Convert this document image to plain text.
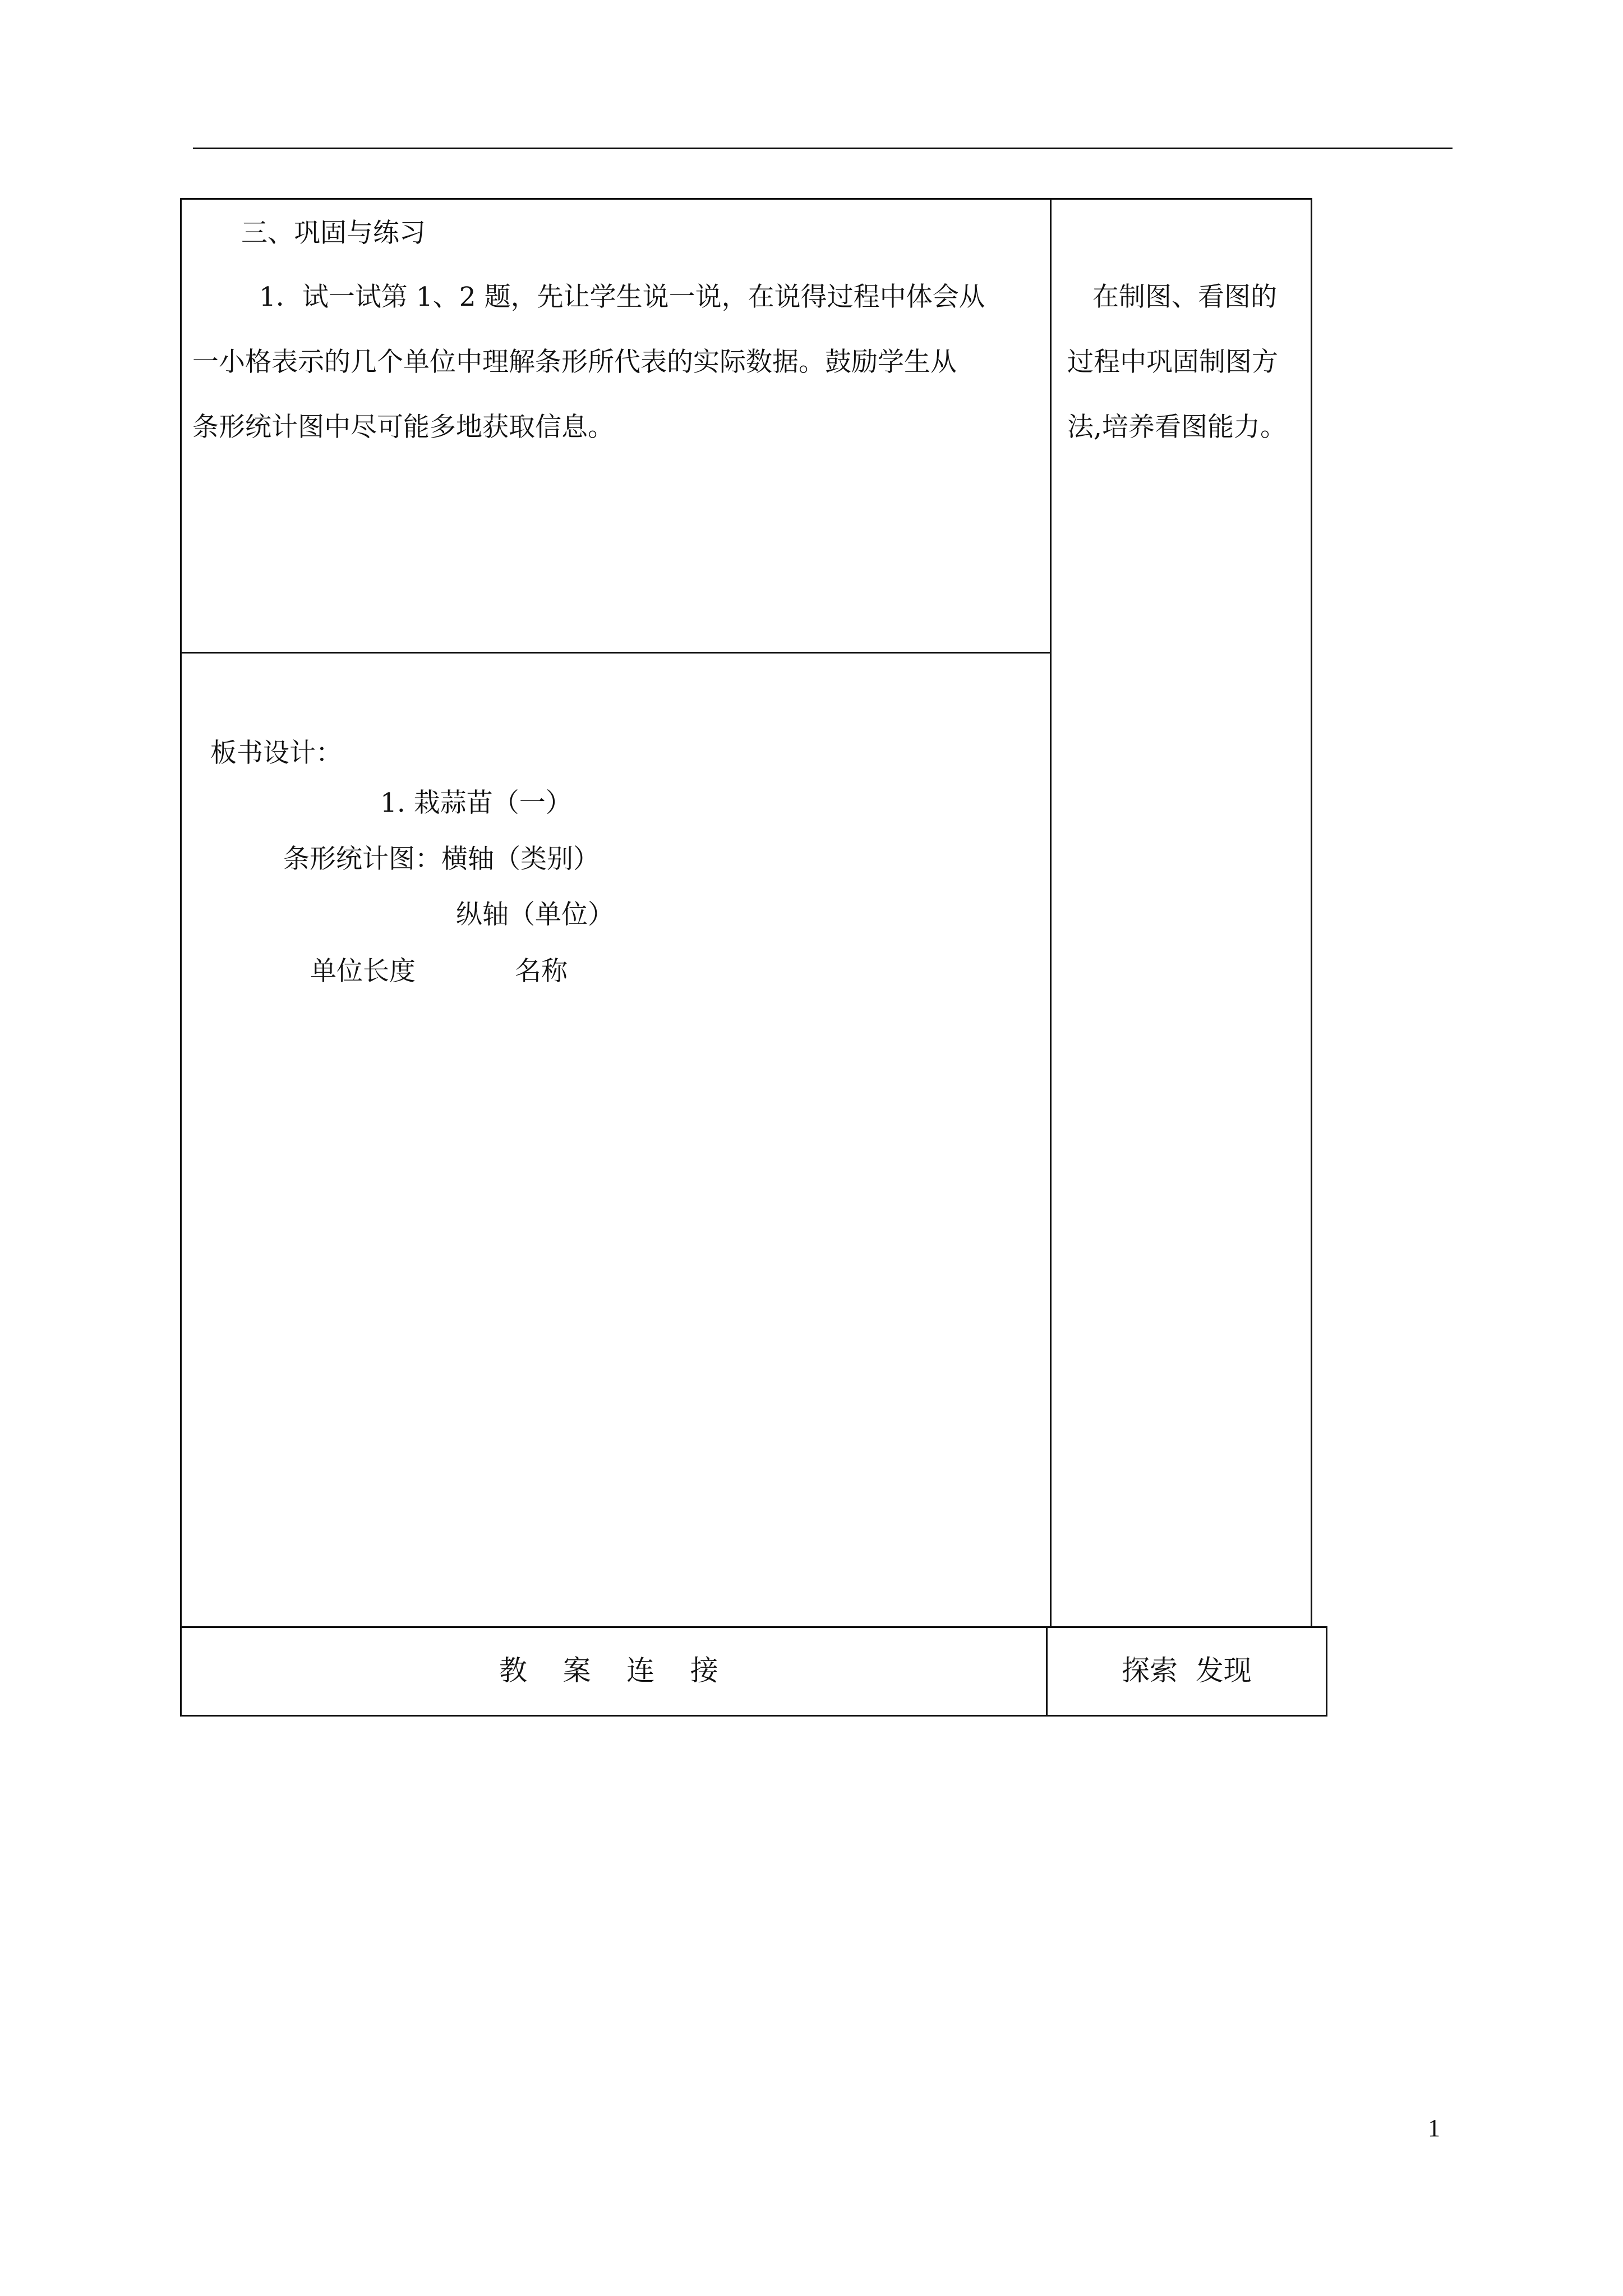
三、巩固与练习
1．试一试第 1、2 题，先让学生说一说，在说得过程中体会从
一小格表示的几个单位中理解条形所代表的实际数据。鼓励学生从
条形统计图中尽可能多地获取信息。
在制图、看图的
过程中巩固制图方
法,培养看图能力。
板书设计：
1. 栽蒜苗（一）
条形统计图：横轴（类别）
纵轴（单位）
单位长度	名称
教    案    连    接	探索  发现
1
